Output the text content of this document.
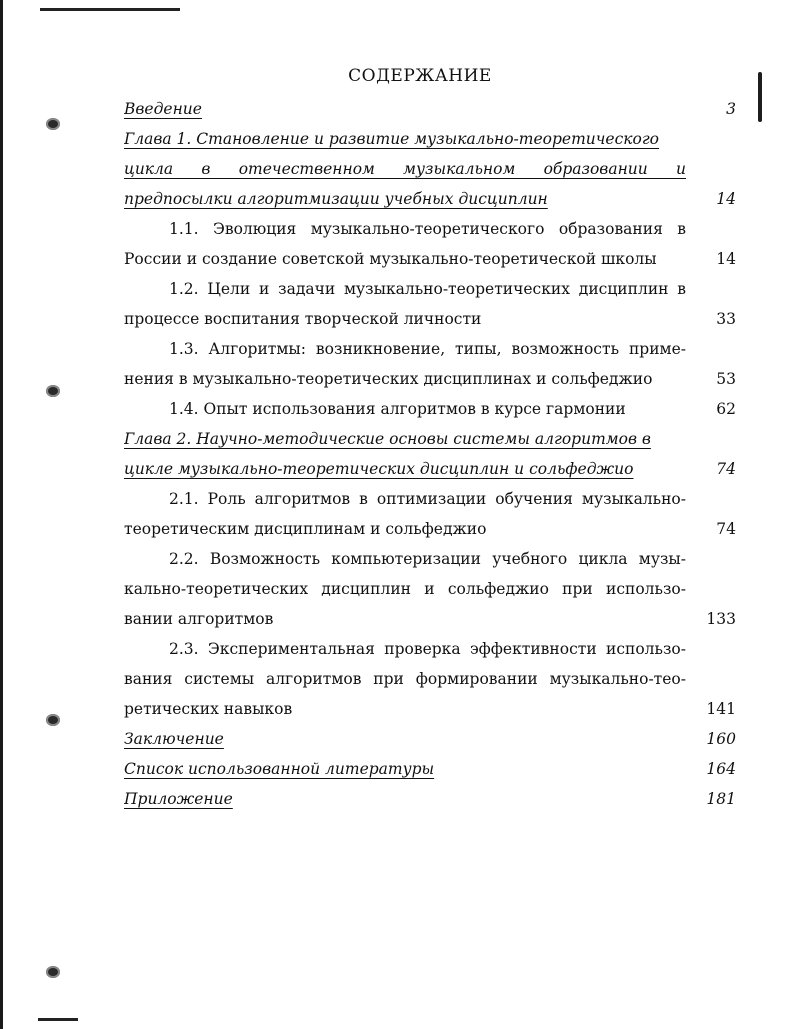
СОДЕРЖАНИЕ
Введение	3
Глава 1. Становление и развитие музыкально-теоретического
цикла в отечественном музыкальном образовании и
предпосылки алгоритмизации учебных дисциплин	14
1.1. Эволюция музыкально-теоретического образования в
России и создание советской музыкально-теоретической школы	14
1.2. Цели и задачи музыкально-теоретических дисциплин в
процессе воспитания творческой личности	33
1.3. Алгоритмы: возникновение, типы, возможность приме-
нения в музыкально-теоретических дисциплинах и сольфеджио	53
1.4. Опыт использования алгоритмов в курсе гармонии	62
Глава 2. Научно-методические основы системы алгоритмов в
цикле музыкально-теоретических дисциплин и сольфеджио	74
2.1. Роль алгоритмов в оптимизации обучения музыкально-
теоретическим дисциплинам и сольфеджио	74
2.2. Возможность компьютеризации учебного цикла музы-
кально-теоретических дисциплин и сольфеджио при использо-
вании алгоритмов	133
2.3. Экспериментальная проверка эффективности использо-
вания системы алгоритмов при формировании музыкально-тео-
ретических навыков	141
Заключение	160
Список использованной литературы	164
Приложение	181
